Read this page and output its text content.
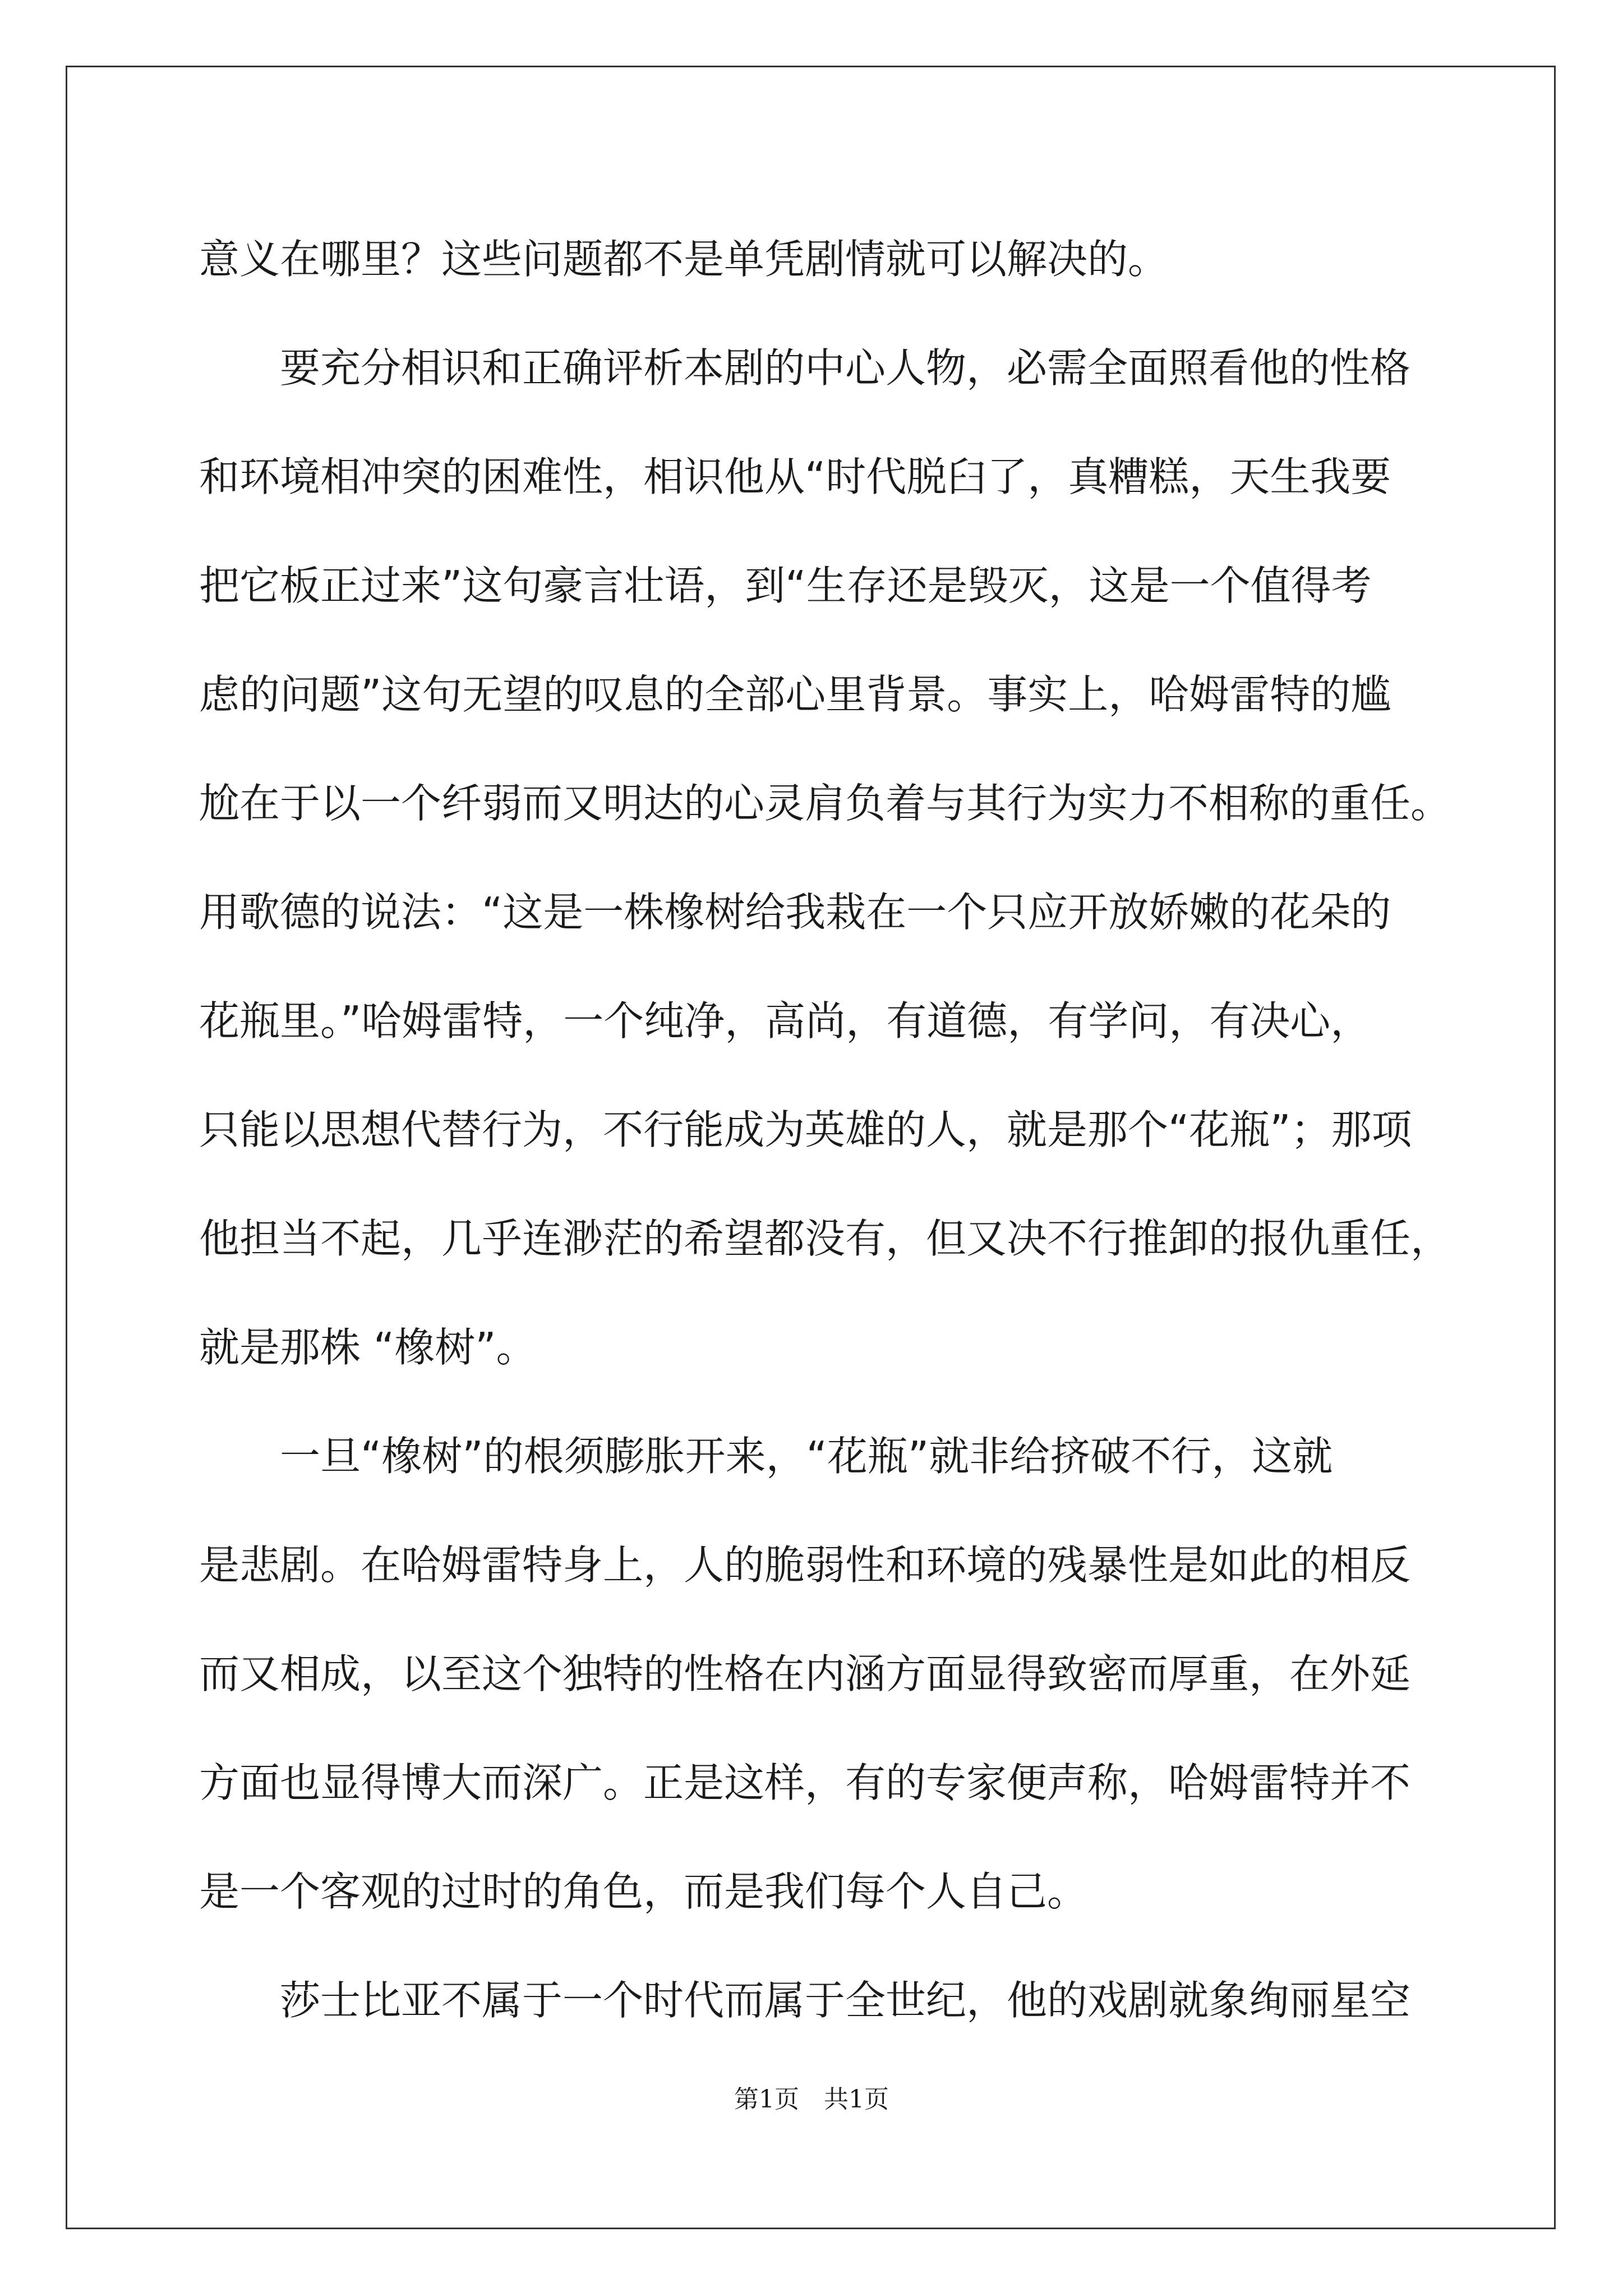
意义在哪里？这些问题都不是单凭剧情就可以解决的。
　　要充分相识和正确评析本剧的中心人物，必需全面照看他的性格
和环境相冲突的困难性，相识他从“时代脱臼了，真糟糕，天生我要
把它板正过来”这句豪言壮语，到“生存还是毁灭，这是一个值得考
虑的问题”这句无望的叹息的全部心里背景。事实上，哈姆雷特的尴
尬在于以一个纤弱而又明达的心灵肩负着与其行为实力不相称的重任。
用歌德的说法：“这是一株橡树给我栽在一个只应开放娇嫩的花朵的
花瓶里。”哈姆雷特，一个纯净，高尚，有道德，有学问，有决心，
只能以思想代替行为，不行能成为英雄的人，就是那个“花瓶”；那项
他担当不起，几乎连渺茫的希望都没有，但又决不行推卸的报仇重任，
就是那株 “橡树”。
　　一旦“橡树”的根须膨胀开来，“花瓶”就非给挤破不行，这就
是悲剧。在哈姆雷特身上，人的脆弱性和环境的残暴性是如此的相反
而又相成，以至这个独特的性格在内涵方面显得致密而厚重，在外延
方面也显得博大而深广。正是这样，有的专家便声称，哈姆雷特并不
是一个客观的过时的角色，而是我们每个人自己。
　　莎士比亚不属于一个时代而属于全世纪，他的戏剧就象绚丽星空
第1页　共1页
